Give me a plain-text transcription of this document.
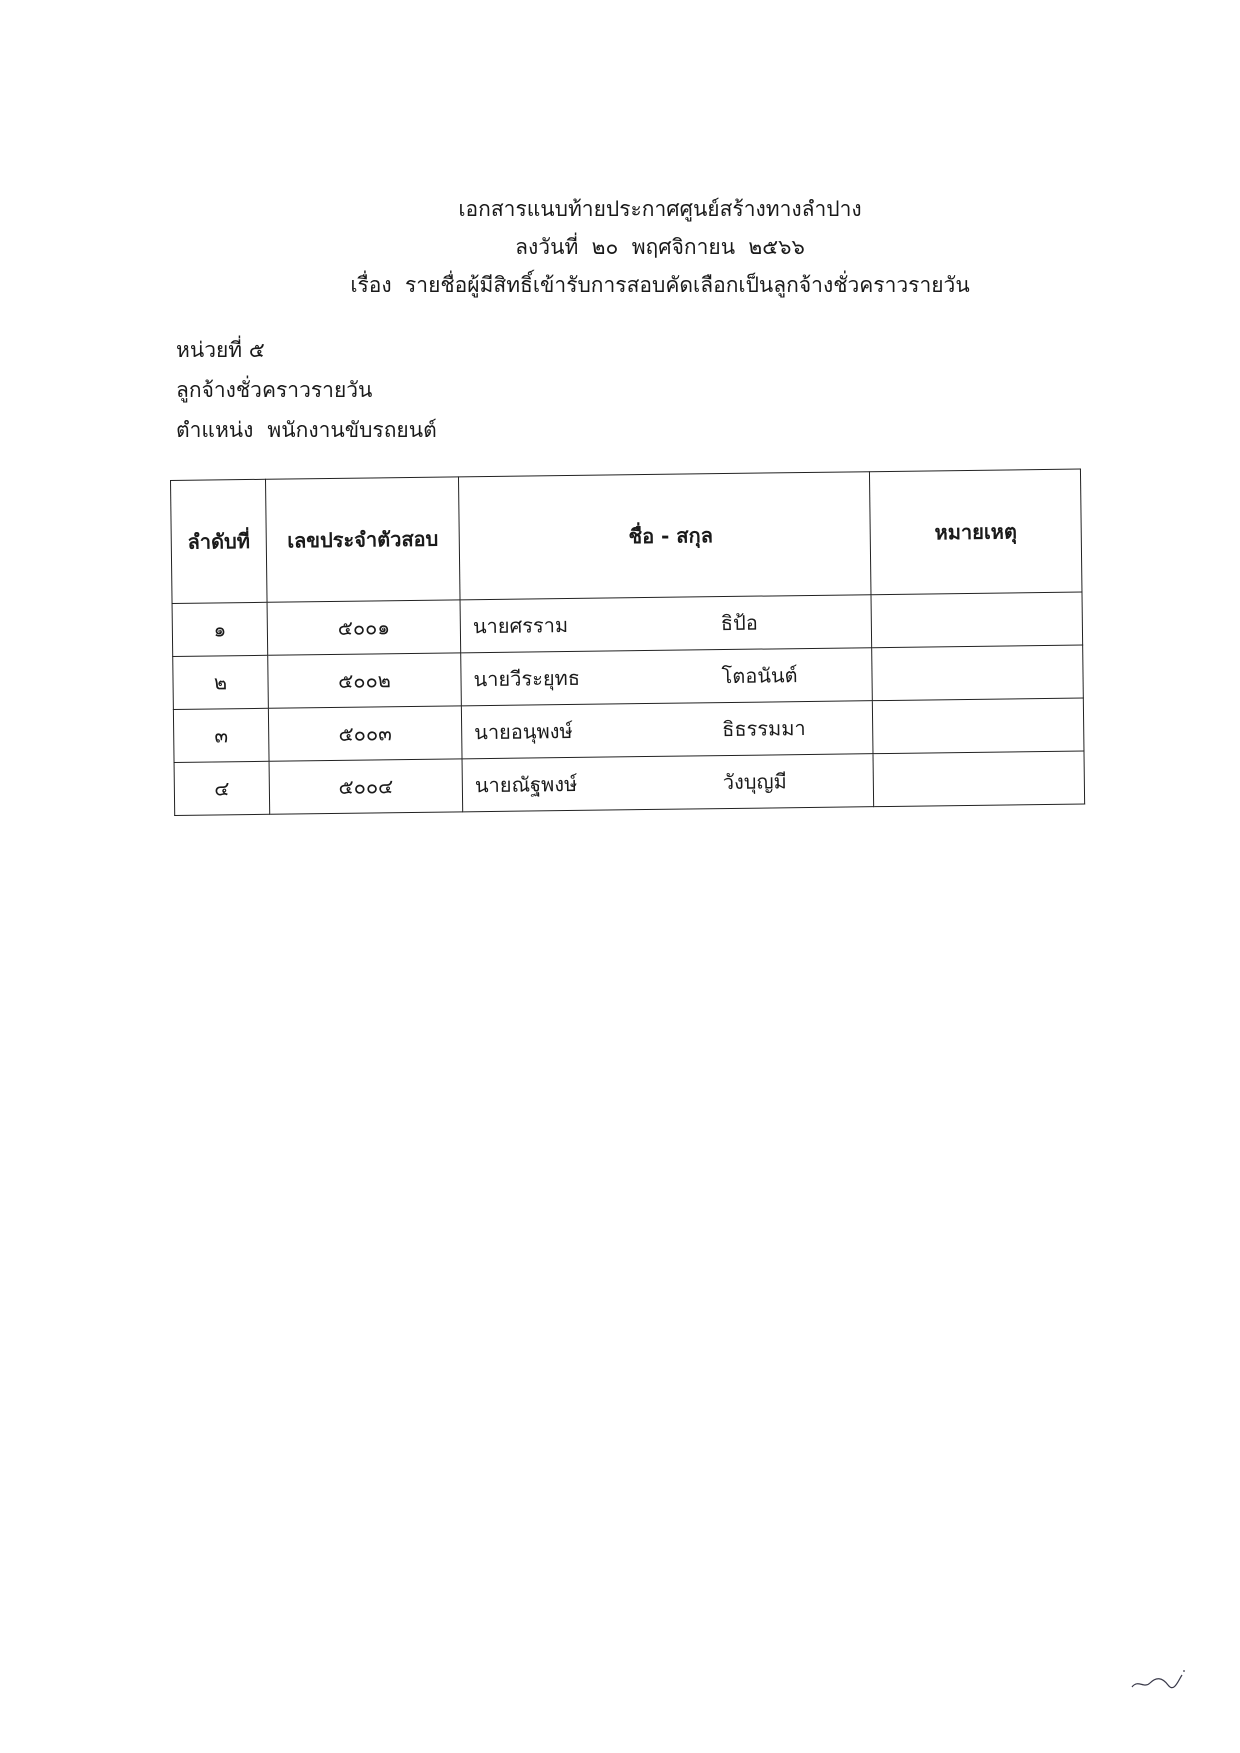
เอกสารแนบท้ายประกาศศูนย์สร้างทางลำปาง
ลงวันที่ ๒๐ พฤศจิกายน ๒๕๖๖
เรื่อง รายชื่อผู้มีสิทธิ์เข้ารับการสอบคัดเลือกเป็นลูกจ้างชั่วคราวรายวัน
หน่วยที่ ๕
ลูกจ้างชั่วคราวรายวัน
ตำแหน่ง พนักงานขับรถยนต์
ลำดับที่	เลขประจำตัวสอบ	ชื่อ - สกุล	หมายเหตุ
๑	๕๐๐๑	นายศรราม ธิป้อ	

๒	๕๐๐๒	นายวีระยุทธ โตอนันต์	

๓	๕๐๐๓	นายอนุพงษ์ ธิธรรมมา	

๔	๕๐๐๔	นายณัฐพงษ์ วังบุญมี	
